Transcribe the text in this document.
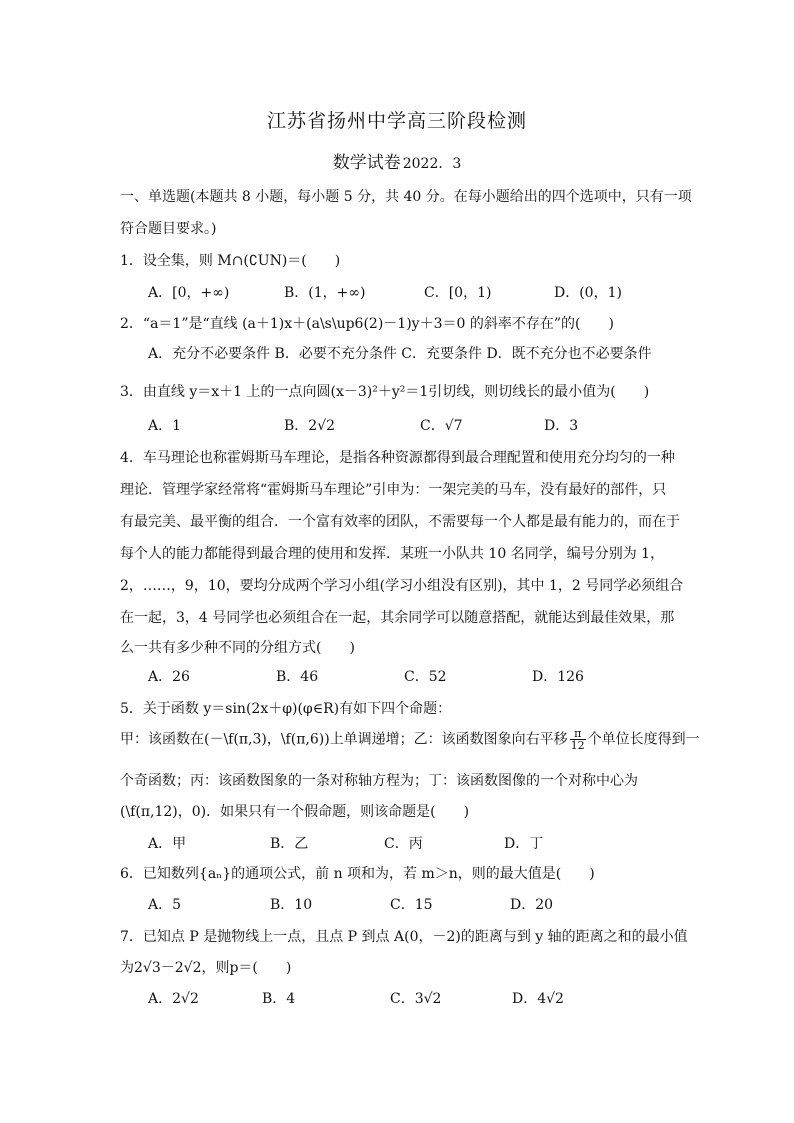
江苏省扬州中学高三阶段检测
数学试卷 2022．3
一、单选题(本题共 8 小题，每小题 5 分，共 40 分。在每小题给出的四个选项中，只有一项
符合题目要求。)
1．设全集，则 M∩(∁UN)＝(　　)
A．[0，+∞)	B．(1，+∞)	C．[0，1)	D．(0，1)
2．“a＝1”是“直线 (a＋1)x＋(a\s\up6(2)－1)y＋3＝0 的斜率不存在”的(　　)
A．充分不必要条件 B．必要不充分条件 C．充要条件 D．既不充分也不必要条件
3．由直线 y＝x＋1 上的一点向圆(x－3)²＋y²＝1引切线，则切线长的最小值为(　　)
A．1	B．2√2	C．√7	D．3
4．车马理论也称霍姆斯马车理论，是指各种资源都得到最合理配置和使用充分均匀的一种
理论．管理学家经常将“霍姆斯马车理论”引申为：一架完美的马车，没有最好的部件，只
有最完美、最平衡的组合．一个富有效率的团队，不需要每一个人都是最有能力的，而在于
每个人的能力都能得到最合理的使用和发挥．某班一小队共 10 名同学，编号分别为 1，
2，……，9，10，要均分成两个学习小组(学习小组没有区别)，其中 1，2 号同学必须组合
在一起，3，4 号同学也必须组合在一起，其余同学可以随意搭配，就能达到最佳效果，那
么一共有多少种不同的分组方式(　　)
A．26	B．46	C．52	D．126
5．关于函数 y＝sin(2x＋φ)(φ∈R)有如下四个命题：
甲：该函数在(－\f(π,3)，\f(π,6))上单调递增；乙：该函数图象向右平移 $\frac{\pi}{12}$ 个单位长度得到一
个奇函数；丙：该函数图象的一条对称轴方程为；丁：该函数图像的一个对称中心为
(\f(π,12)，0)．如果只有一个假命题，则该命题是(　　)
A．甲	B．乙	C．丙	D．丁
6．已知数列{aₙ}的通项公式，前 n 项和为，若 m＞n，则的最大值是(　　)
A．5	B．10	C．15	D．20
7．已知点 P 是抛物线上一点，且点 P 到点 A(0，－2)的距离与到 y 轴的距离之和的最小值
为2√3－2√2，则p＝(　　)
A．2√2	B．4	C．3√2	D．4√2
